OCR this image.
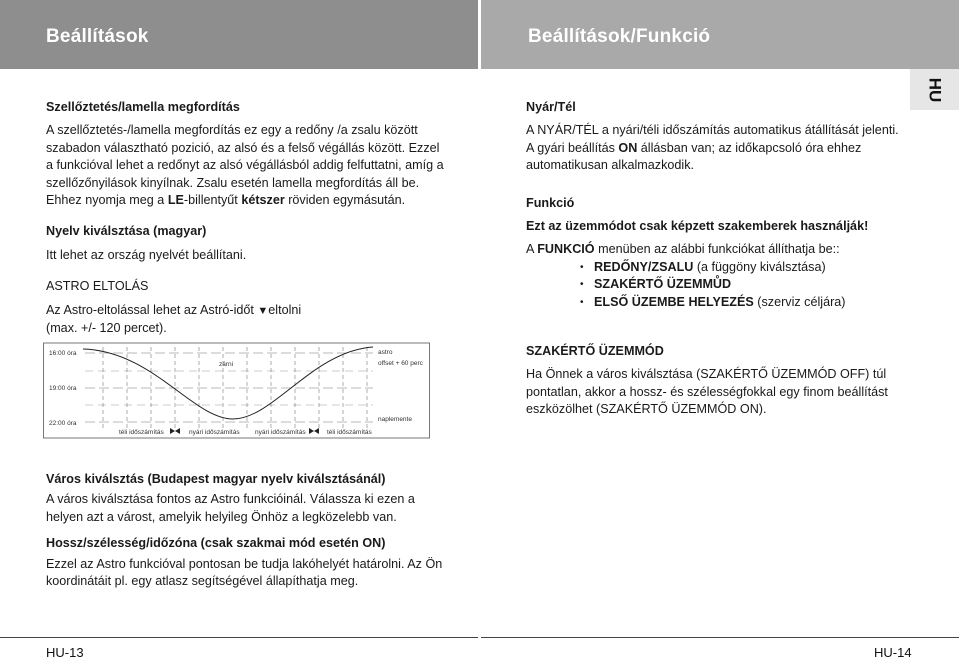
Beállítások	Beállítások/Funkció
HU

Szellőztetés/lamella megfordítás

A szellőztetés-/lamella megfordítás ez egy a redőny /a zsalu között szabadon választható pozició, az alsó és a felső végállás között. Ezzel a funkcióval lehet a redőnyt az alsó végállásból addig felfuttatni, amíg a szellőzőnyilások kinyílnak. Zsalu esetén lamella megfordítás áll be.

Ehhez nyomja meg a LE-billentyűt kétszer röviden egymásután.

Nyelv kiválsztása (magyar)

Itt lehet az ország nyelvét beállítani.

ASTRO ELTOLÁS

Az Astro-eltolással lehet az Astró-időt ▼eltolni

(max. +/- 120 percet).

16:00 óra
19:00 óra
22:00 óra
zárni
astro
offset + 60 perc
naplemente
téli időszámítás	nyári időszámítás nyári időszámítás	téli időszámítás

Város kiválsztás (Budapest magyar nyelv kiválsztásánál)

A város kiválsztása fontos az Astro funkcióinál. Válassza ki ezen a helyen azt a várost, amelyik helyileg Önhöz a legközelebb van.

Hossz/szélesség/időzóna (csak szakmai mód esetén ON)

Ezzel az Astro funkcióval pontosan be tudja lakóhelyét határolni. Az Ön koordinátáit pl. egy atlasz segítségével állapíthatja meg.

Nyár/Tél

A NYÁR/TÉL a nyári/téli időszámítás automatikus átállítását jelenti.

A gyári beállítás ON állásban van; az időkapcsoló óra ehhez automatikusan alkalmazkodik.

Funkció

Ezt az üzemmódot csak képzett szakemberek használják!

A FUNKCIÓ menüben az alábbi funkciókat állíthatja be::

• REDŐNY/ZSALU (a függöny kiválsztása)
• SZAKÉRTŐ ÜZEMMŮD
• ELSŐ ÜZEMBE HELYEZÉS (szerviz céljára)

SZAKÉRTŐ ÜZEMMÓD

Ha Önnek a város kiválsztása (SZAKÉRTŐ ÜZEMMÓD OFF) túl pontatlan, akkor a hossz- és szélességfokkal egy finom beállítást eszközölhet (SZAKÉRTŐ ÜZEMMÓD ON).

HU-13	HU-14
